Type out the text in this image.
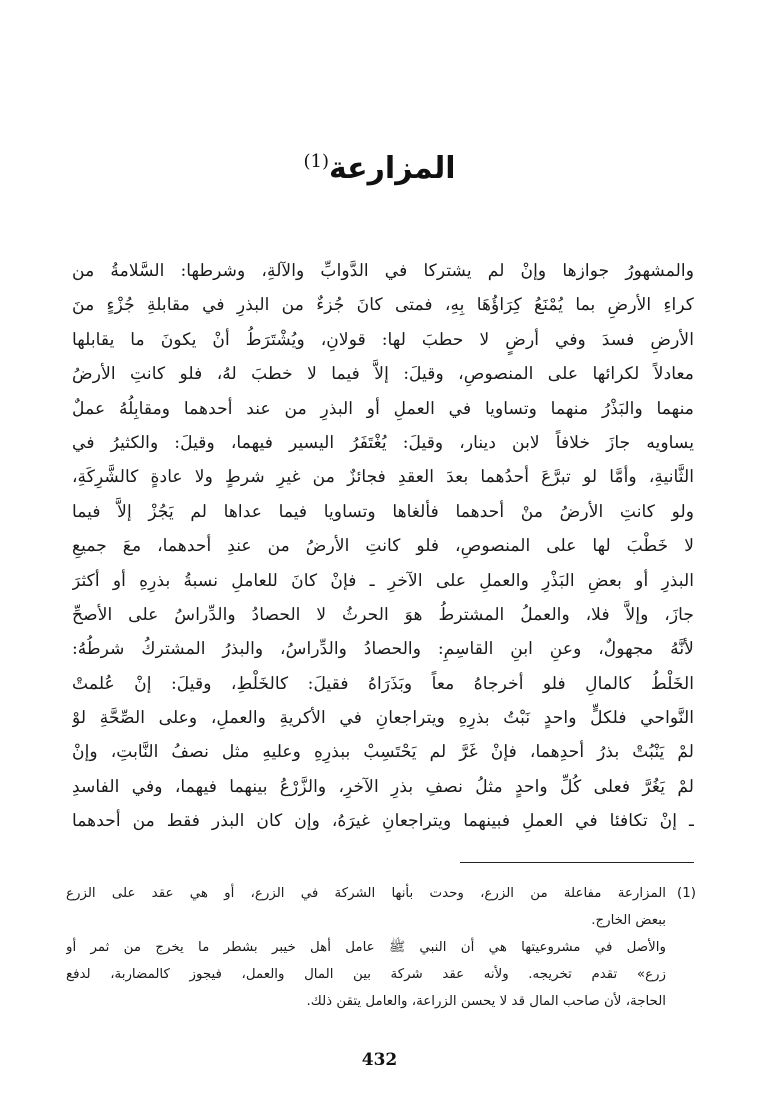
المزارعة$^{(1)}$
والمشهورُ جوازها وإنْ لم يشتركا في الدَّوابِّ والآلةِ، وشرطها: السَّلامةُ من
كراءِ الأرضِ بما يُمْنَعُ كِرَاؤُهَا بِهِ، فمتى كانَ جُزءٌ من البذرِ في مقابلةِ جُزْءٍ منَ
الأرضِ فسدَ وفي أرضٍ لا حطبَ لها: قولانِ، ويُشْتَرَطُ أنْ يكونَ ما يقابلها
معادلاً لكرائها على المنصوصِ، وقيلَ: إلاَّ فيما لا خطبَ لهُ، فلو كانتِ الأرضُ
منهما والبَذْرُ منهما وتساويا في العملِ أو البذرِ من عند أحدهما ومقابِلُهُ عملٌ
يساويه جازَ خلافاً لابن دينار، وقيلَ: يُغْتَفَرُ اليسير فيهما، وقيلَ: والكثيرُ في
الثَّانيةِ، وأمَّا لو تبرَّعَ أحدُهما بعدَ العقدِ فجائزٌ من غيرِ شرطٍ ولا عادةٍ كالشَّرِكَةِ،
ولو كانتِ الأرضُ منْ أحدهما فألغاها وتساويا فيما عداها لم يَجُزْ إلاَّ فيما
لا خَطْبَ لها على المنصوصِ، فلو كانتِ الأرضُ من عندِ أحدهما، معَ جميعِ
البذرِ أو بعضِ البَذْرِ والعملِ على الآخرِ ـ فإنْ كانَ للعاملِ نسبةُ بذرِهِ أو أكثرَ
جازَ، وإلاَّ فلا، والعملُ المشترطُ هوَ الحرثُ لا الحصادُ والدِّراسُ على الأصحِّ
لأنَّهُ مجهولٌ، وعنِ ابنِ القاسِمِ: والحصادُ والدِّراسُ، والبذرُ المشتركُ شرطُهُ:
الخَلْطُ كالمالِ فلو أخرجاهُ معاً وبَذَرَاهُ فقيلَ: كالخَلْطِ، وقيلَ: إنْ عُلمتْ
النَّواحي فلكلٍّ واحدٍ نَبْتُ بذرِهِ ويتراجعانِ في الأكريةِ والعملِ، وعلى الصِّحَّةِ لوْ
لمْ يَنْبُتْ بذرُ أحدِهما، فإنْ غَرَّ لم يَحْتَسِبْ ببذرِهِ وعليهِ مثل نصفُ النَّابتِ، وإنْ
لمْ يَغُرَّ فعلى كُلِّ واحدٍ مثلُ نصفِ بذرِ الآخرِ، والزَّرْعُ بينهما فيهما، وفي الفاسدِ
ـ إنْ تكافئا في العملِ فبينهما ويتراجعانِ غيرَهُ، وإن كان البذر فقط من أحدهما
(1)
المزارعة مفاعلة من الزرع، وحدت بأنها الشركة في الزرع، أو هي عقد على الزرع
ببعض الخارج.
والأصل في مشروعيتها هي أن النبي ﷺ عامل أهل خيبر بشطر ما يخرج من ثمر أو
زرع» تقدم تخريجه. ولأنه عقد شركة بين المال والعمل، فيجوز كالمضاربة، لدفع
الحاجة، لأن صاحب المال قد لا يحسن الزراعة، والعامل يتقن ذلك.
432
